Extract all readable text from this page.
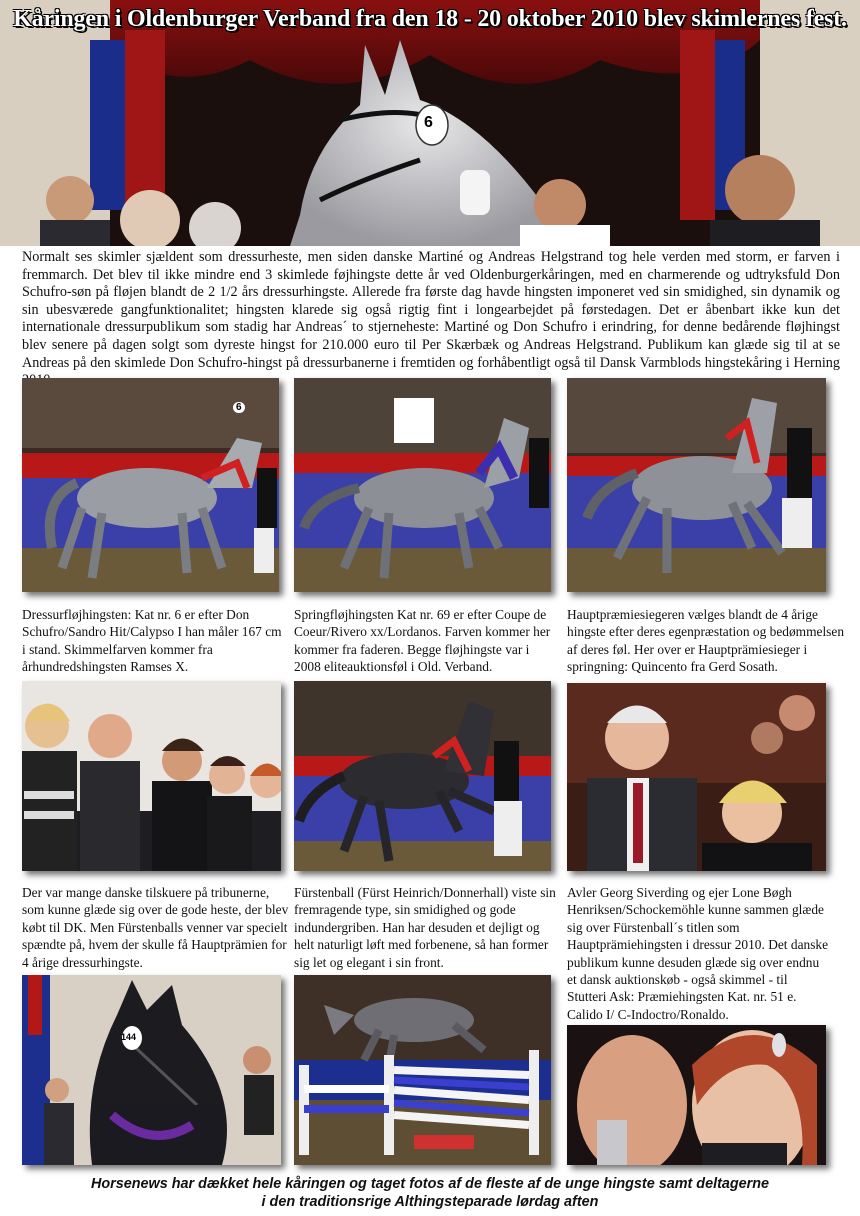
6
Kåringen i Oldenburger Verband fra den 18 - 20 oktober 2010 blev skimlernes fest.
Normalt ses skimler sjældent som dressurheste, men siden danske Martiné og Andreas Helgstrand tog hele verden med storm, er farven i fremmarch. Det blev til ikke mindre end 3 skimlede føjhingste dette år ved Oldenburgerkåringen, med en charmerende og udtryksfuld Don Schufro-søn på fløjen blandt de 2 1/2 års dressurhingste. Allerede fra første dag havde hingsten imponeret ved sin smidighed, sin dynamik og sin ubesværede gangfunktionalitet; hingsten klarede sig også rigtig fint i longearbejdet på førstedagen. Det er åbenbart ikke kun det internationale dressurpublikum som stadig har Andreas´ to stjerneheste: Martiné og Don Schufro i erindring, for denne bedårende fløjhingst blev senere på dagen solgt som dyreste hingst for 210.000 euro til Per Skærbæk og Andreas Helgstrand. Publikum kan glæde sig til at se Andreas på den skimlede Don Schufro-hingst på dressurbanerne i fremtiden og forhåbentligt også til Dansk Varmblods hingstekåring i Herning
Dressurfløjhingsten: Kat nr. 6 er efter Don Schufro/Sandro Hit/Calypso I han måler 167 cm i stand. Skimmelfarven kommer fra århundredshingsten Ramses X.
Springfløjhingsten Kat nr. 69 er efter Coupe de Coeur/Rivero xx/Lordanos. Farven kommer her kommer fra faderen. Begge fløjhingste var i 2008 eliteauktionsføl i Old. Verband.
Hauptpræmiesiegeren vælges blandt de 4 årige hingste efter deres egenpræstation og bedømmelsen af deres føl. Her over er Hauptprämiesieger i springning: Quincento fra Gerd Sosath.
Der var mange danske tilskuere på tribunerne, som kunne glæde sig over de gode heste, der blev købt til DK. Men Fürstenballs venner var specielt spændte på, hvem der skulle få Hauptprämien for 4 årige dressurhingste.
Fürstenball (Fürst Heinrich/Donnerhall) viste sin fremragende type, sin smidighed og gode indundergriben. Han har desuden et dejligt og helt naturligt løft med forbenene, så han former sig let og elegant i sin front.
Avler Georg Siverding og ejer Lone Bøgh Henriksen/Schockemöhle kunne sammen glæde sig over Fürstenball´s titlen som Hauptprämiehingsten i dressur 2010. Det danske publikum kunne desuden glæde sig over endnu et dansk auktionskøb - også skimmel - til Stutteri Ask: Præmiehingsten Kat. nr. 51 e. Calido I/ C-Indoctro/Ronaldo.
144
Horsenews har dækket hele kåringen og taget fotos af de fleste af de unge hingste samt deltagerne
i den traditionsrige Althingsteparade lørdag aften
6
